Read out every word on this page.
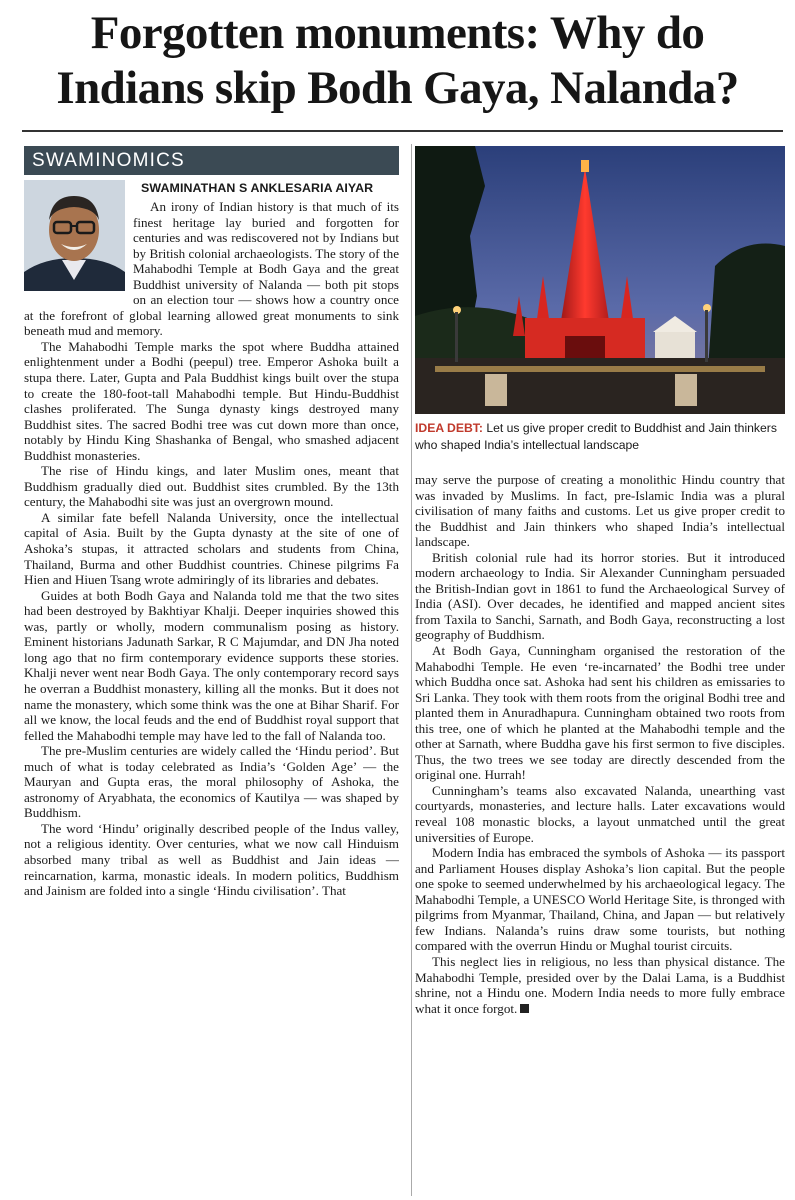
Forgotten monuments: Why do
Indians skip Bodh Gaya, Nalanda?
SWAMINOMICS
SWAMINATHAN S ANKLESARIA AIYAR

An irony of Indian history is that much of its finest heritage lay buried and forgotten for centuries and was rediscovered not by Indians but by British colonial archaeologists. The story of the Mahabodhi Temple at Bodh Gaya and the great Buddhist university of Nalanda — both pit stops on an election tour — shows how a country once at the forefront of global learning allowed great monuments to sink beneath mud and memory.

The Mahabodhi Temple marks the spot where Buddha attained enlightenment under a Bodhi (peepul) tree. Emperor Ashoka built a stupa there. Later, Gupta and Pala Buddhist kings built over the stupa to create the 180-foot-tall Mahabodhi temple. But Hindu-Buddhist clashes proliferated. The Sunga dynasty kings destroyed many Buddhist sites. The sacred Bodhi tree was cut down more than once, notably by Hindu King Shashanka of Bengal, who smashed adjacent Buddhist monasteries.

The rise of Hindu kings, and later Muslim ones, meant that Buddhism gradually died out. Buddhist sites crumbled. By the 13th century, the Mahabodhi site was just an overgrown mound.

A similar fate befell Nalanda University, once the intellectual capital of Asia. Built by the Gupta dynasty at the site of one of Ashoka’s stupas, it attracted scholars and students from China, Thailand, Burma and other Buddhist countries. Chinese pilgrims Fa Hien and Hiuen Tsang wrote admiringly of its libraries and debates.

Guides at both Bodh Gaya and Nalanda told me that the two sites had been destroyed by Bakhtiyar Khalji. Deeper inquiries showed this was, partly or wholly, modern communalism posing as history. Eminent historians Jadunath Sarkar, R C Majumdar, and DN Jha noted long ago that no firm contemporary evidence supports these stories. Khalji never went near Bodh Gaya. The only contemporary record says he overran a Buddhist monastery, killing all the monks. But it does not name the monastery, which some think was the one at Bihar Sharif. For all we know, the local feuds and the end of Buddhist royal support that felled the Mahabodhi temple may have led to the fall of Nalanda too.

The pre-Muslim centuries are widely called the ‘Hindu period’. But much of what is today celebrated as India’s ‘Golden Age’ — the Mauryan and Gupta eras, the moral philosophy of Ashoka, the astronomy of Aryabhata, the economics of Kautilya — was shaped by Buddhism.

The word ‘Hindu’ originally described people of the Indus valley, not a religious identity. Over centuries, what we now call Hinduism absorbed many tribal as well as Buddhist and Jain ideas — reincarnation, karma, monastic ideals. In modern politics, Buddhism and Jainism are folded into a single ‘Hindu civilisation’. That

IDEA DEBT: Let us give proper credit to Buddhist and Jain thinkers who shaped India’s intellectual landscape

may serve the purpose of creating a monolithic Hindu country that was invaded by Muslims. In fact, pre-Islamic India was a plural civilisation of many faiths and customs. Let us give proper credit to the Buddhist and Jain thinkers who shaped India’s intellectual landscape.

British colonial rule had its horror stories. But it introduced modern archaeology to India. Sir Alexander Cunningham persuaded the British-Indian govt in 1861 to fund the Archaeological Survey of India (ASI). Over decades, he identified and mapped ancient sites from Taxila to Sanchi, Sarnath, and Bodh Gaya, reconstructing a lost geography of Buddhism.

At Bodh Gaya, Cunningham organised the restoration of the Mahabodhi Temple. He even ‘re-incarnated’ the Bodhi tree under which Buddha once sat. Ashoka had sent his children as emissaries to Sri Lanka. They took with them roots from the original Bodhi tree and planted them in Anuradhapura. Cunningham obtained two roots from this tree, one of which he planted at the Mahabodhi temple and the other at Sarnath, where Buddha gave his first sermon to five disciples. Thus, the two trees we see today are directly descended from the original one. Hurrah!

Cunningham’s teams also excavated Nalanda, unearthing vast courtyards, monasteries, and lecture halls. Later excavations would reveal 108 monastic blocks, a layout unmatched until the great universities of Europe.

Modern India has embraced the symbols of Ashoka — its passport and Parliament Houses display Ashoka’s lion capital. But the people one spoke to seemed underwhelmed by his archaeological legacy. The Mahabodhi Temple, a UNESCO World Heritage Site, is thronged with pilgrims from Myanmar, Thailand, China, and Japan — but relatively few Indians. Nalanda’s ruins draw some tourists, but nothing compared with the overrun Hindu or Mughal tourist circuits.

This neglect lies in religious, no less than physical distance. The Mahabodhi Temple, presided over by the Dalai Lama, is a Buddhist shrine, not a Hindu one. Modern India needs to more fully embrace what it once forgot.
